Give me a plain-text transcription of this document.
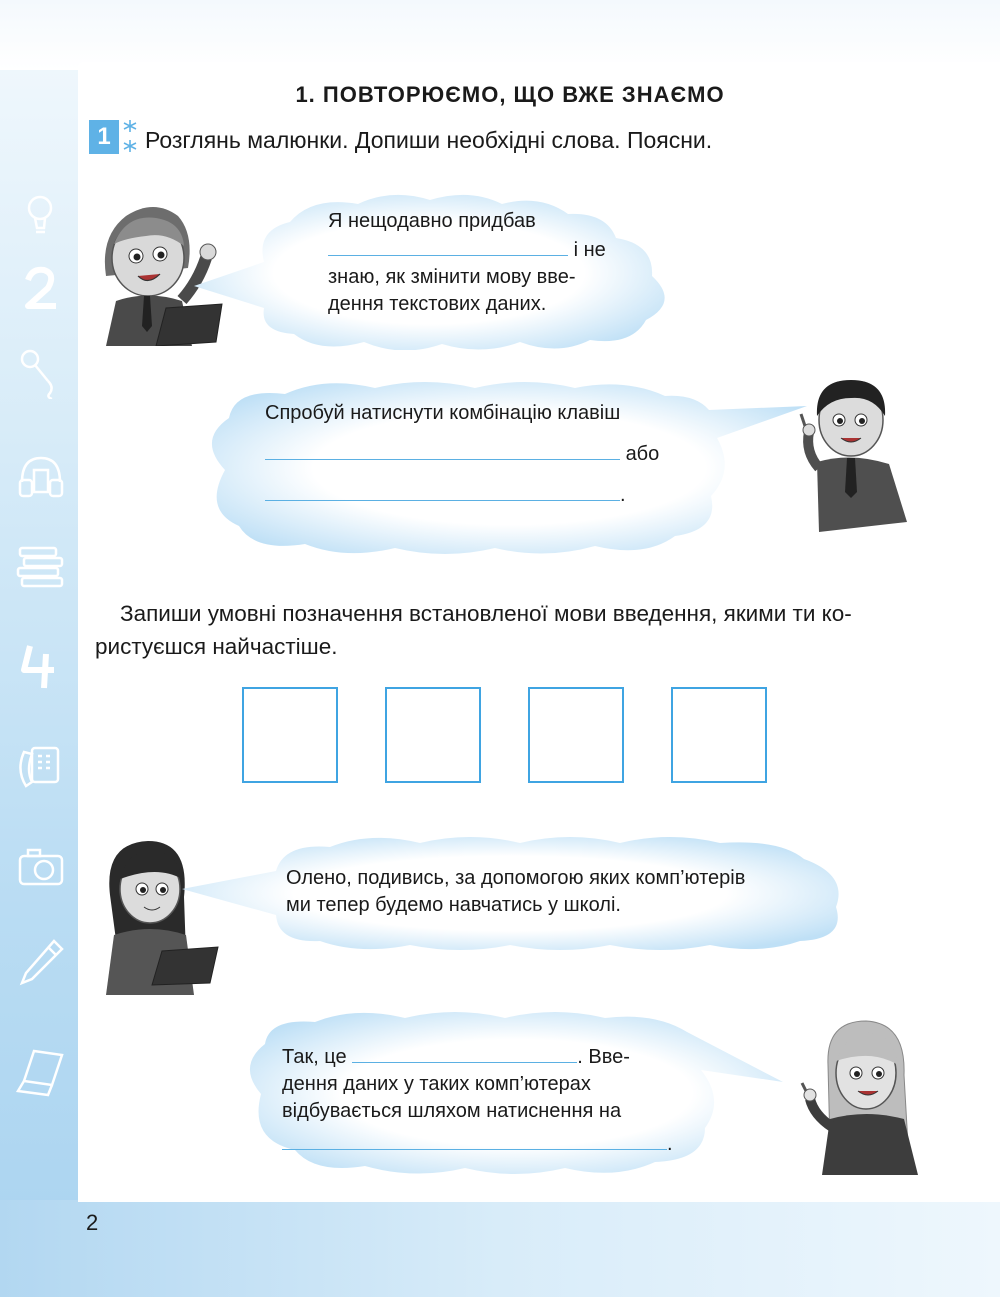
1. ПОВТОРЮЄМО, ЩО ВЖЕ ЗНАЄМО
1	Розглянь малюнки. Допиши необхідні слова. Поясни.
Я нещодавно придбав
і не
знаю, як змінити мову вве-
дення текстових даних.
Спробуй натиснути комбінацію клавіш
або
.
Запиши умовні позначення встановленої мови введення, якими ти ко-
ристуєшся найчастіше.
Олено, подивись, за допомогою яких комп’ютерів
ми тепер будемо навчатись у школі.
Так, це	. Вве-
дення даних у таких комп’ютерах
відбувається шляхом натиснення на
.
2
